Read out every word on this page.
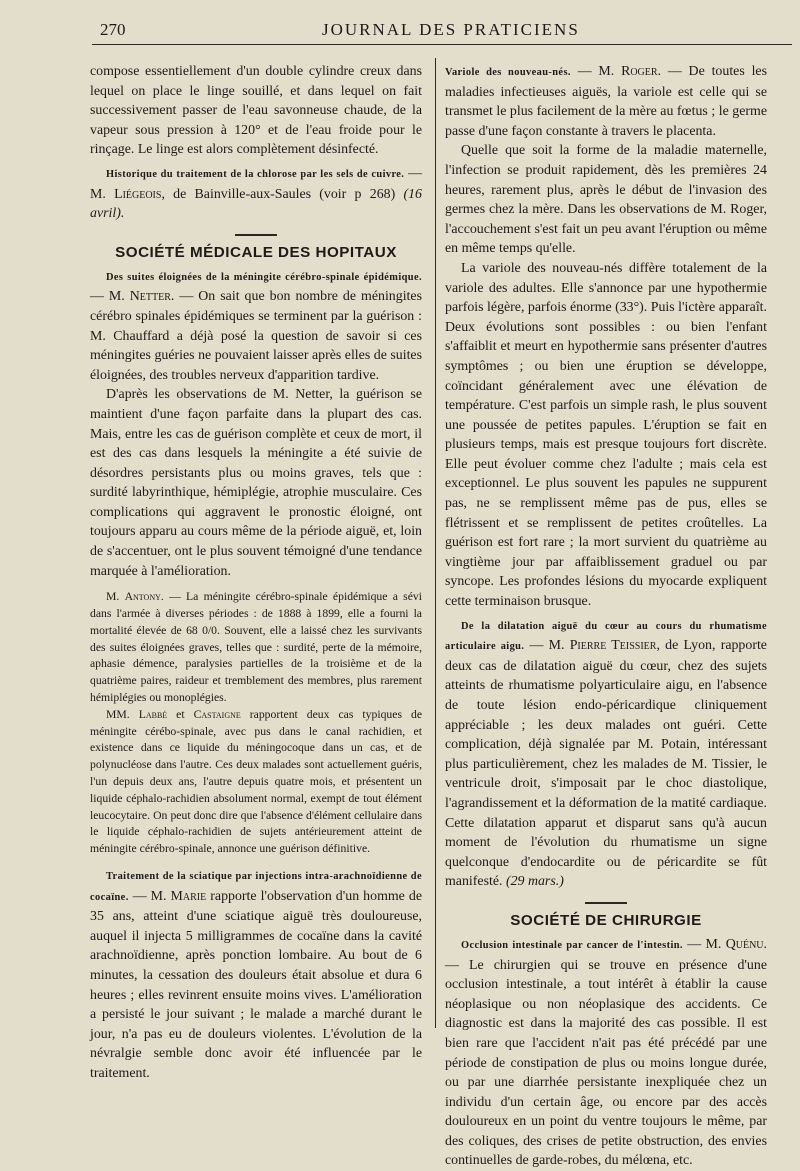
270	JOURNAL DES PRATICIENS

compose essentiellement d'un double cylindre creux dans lequel on place le linge souillé, et dans lequel on fait successivement passer de l'eau savonneuse chaude, de la vapeur sous pression à 120° et de l'eau froide pour le rinçage. Le linge est alors complètement désinfecté.

Historique du traitement de la chlorose par les sels de cuivre. — M. Liégeois, de Bainville-aux-Saules (voir p 268) (16 avril).

SOCIÉTÉ MÉDICALE DES HOPITAUX

Des suites éloignées de la méningite cérébro-spinale épidémique. — M. Netter. — On sait que bon nombre de méningites cérébro spinales épidémiques se terminent par la guérison : M. Chauffard a déjà posé la question de savoir si ces méningites guéries ne pouvaient laisser après elles de suites éloignées, des troubles nerveux d'apparition tardive.

D'après les observations de M. Netter, la guérison se maintient d'une façon parfaite dans la plupart des cas. Mais, entre les cas de guérison complète et ceux de mort, il est des cas dans lesquels la méningite a été suivie de désordres persistants plus ou moins graves, tels que : surdité labyrinthique, hémiplégie, atrophie musculaire. Ces complications qui aggravent le pronostic éloigné, ont toujours apparu au cours même de la période aiguë, et, loin de s'accentuer, ont le plus souvent témoigné d'une tendance marquée à l'amélioration.

M. Antony. — La méningite cérébro-spinale épidémique a sévi dans l'armée à diverses périodes : de 1888 à 1899, elle a fourni la mortalité élevée de 68 0/0. Souvent, elle a laissé chez les survivants des suites éloignées graves, telles que : surdité, perte de la mémoire, aphasie démence, paralysies partielles de la troisième et de la quatrième paires, raideur et tremblement des membres, plus rarement hémiplégies ou monoplégies.

MM. Labbé et Castaigne rapportent deux cas typiques de méningite cérébo-spinale, avec pus dans le canal rachidien, et existence dans ce liquide du méningocoque dans un cas, et de polynucléose dans l'autre. Ces deux malades sont actuellement guéris, l'un depuis deux ans, l'autre depuis quatre mois, et présentent un liquide céphalo-rachidien absolument normal, exempt de tout élément leucocytaire. On peut donc dire que l'absence d'élément cellulaire dans le liquide céphalo-rachidien de sujets antérieurement atteint de méningite cérébro-spinale, annonce une guérison définitive.

Traitement de la sciatique par injections intra-arachnoïdienne de cocaïne. — M. Marie rapporte l'observation d'un homme de 35 ans, atteint d'une sciatique aiguë très douloureuse, auquel il injecta 5 milligrammes de cocaïne dans la cavité arachnoïdienne, après ponction lombaire. Au bout de 6 minutes, la cessation des douleurs était absolue et dura 6 heures ; elles revinrent ensuite moins vives. L'amélioration a persisté le jour suivant ; le malade a marché durant le jour, n'a pas eu de douleurs violentes. L'évolution de la névralgie semble donc avoir été influencée par le traitement.

Variole des nouveau-nés. — M. Roger. — De toutes les maladies infectieuses aiguës, la variole est celle qui se transmet le plus facilement de la mère au fœtus ; le germe passe d'une façon constante à travers le placenta.

Quelle que soit la forme de la maladie maternelle, l'infection se produit rapidement, dès les premières 24 heures, rarement plus, après le début de l'invasion des germes chez la mère. Dans les observations de M. Roger, l'accouchement s'est fait un peu avant l'éruption ou même en même temps qu'elle.

La variole des nouveau-nés diffère totalement de la variole des adultes. Elle s'annonce par une hypothermie parfois légère, parfois énorme (33°). Puis l'ictère apparaît. Deux évolutions sont possibles : ou bien l'enfant s'affaiblit et meurt en hypothermie sans présenter d'autres symptômes ; ou bien une éruption se développe, coïncidant généralement avec une élévation de température. C'est parfois un simple rash, le plus souvent une poussée de petites papules. L'éruption se fait en plusieurs temps, mais est presque toujours fort discrète. Elle peut évoluer comme chez l'adulte ; mais cela est exceptionnel. Le plus souvent les papules ne suppurent pas, ne se remplissent même pas de pus, elles se flétrissent et se remplissent de petites croûtelles. La guérison est fort rare ; la mort survient du quatrième au vingtième jour par affaiblissement graduel ou par syncope. Les profondes lésions du myocarde expliquent cette terminaison brusque.

De la dilatation aiguë du cœur au cours du rhumatisme articulaire aigu. — M. Pierre Teissier, de Lyon, rapporte deux cas de dilatation aiguë du cœur, chez des sujets atteints de rhumatisme polyarticulaire aigu, en l'absence de toute lésion endo-péricardique cliniquement appréciable ; les deux malades ont guéri. Cette complication, déjà signalée par M. Potain, intéressant plus particulièrement, chez les malades de M. Tissier, le ventricule droit, s'imposait par le choc diastolique, l'agrandissement et la déformation de la matité cardiaque. Cette dilatation apparut et disparut sans qu'à aucun moment de l'évolution du rhumatisme un signe quelconque d'endocardite ou de péricardite se fût manifesté. (29 mars.)

SOCIÉTÉ DE CHIRURGIE

Occlusion intestinale par cancer de l'intestin. — M. Quénu. — Le chirurgien qui se trouve en présence d'une occlusion intestinale, a tout intérêt à établir la cause néoplasique ou non néoplasique des accidents. Ce diagnostic est dans la majorité des cas possible. Il est bien rare que l'accident n'ait pas été précédé par une période de constipation de plus ou moins longue durée, ou par une diarrhée persistante inexpliquée chez un individu d'un certain âge, ou encore par des accès douloureux en un point du ventre toujours le même, par des coliques, des crises de petite obstruction, des envies continuelles de garde-robes, du mélœna, etc.
